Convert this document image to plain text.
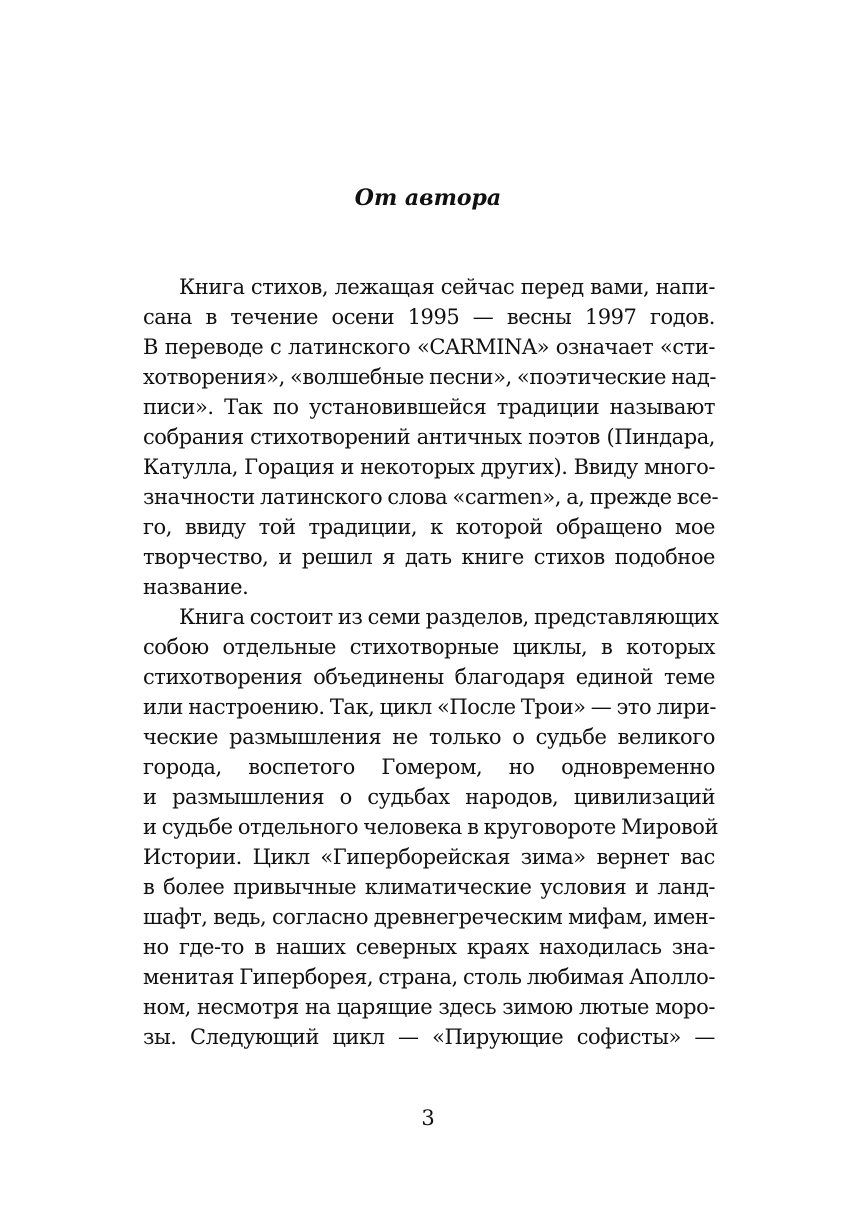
От автора
Книга стихов, лежащая сейчас перед вами, напи-
сана в течение осени 1995 — весны 1997 годов.
В переводе с латинского «CARMINA» означает «сти-
хотворения», «волшебные песни», «поэтические над-
писи». Так по установившейся традиции называют
собрания стихотворений античных поэтов (Пиндара,
Катулла, Горация и некоторых других). Ввиду много-
значности латинского слова «carmen», а, прежде все-
го, ввиду той традиции, к которой обращено мое
творчество, и решил я дать книге стихов подобное
название.
Книга состоит из семи разделов, представляющих
собою отдельные стихотворные циклы, в которых
стихотворения объединены благодаря единой теме
или настроению. Так, цикл «После Трои» — это лири-
ческие размышления не только о судьбе великого
города, воспетого Гомером, но одновременно
и размышления о судьбах народов, цивилизаций
и судьбе отдельного человека в круговороте Мировой
Истории. Цикл «Гиперборейская зима» вернет вас
в более привычные климатические условия и ланд-
шафт, ведь, согласно древнегреческим мифам, имен-
но где-то в наших северных краях находилась зна-
менитая Гиперборея, страна, столь любимая Аполло-
ном, несмотря на царящие здесь зимою лютые моро-
зы. Следующий цикл — «Пирующие софисты» —
3
